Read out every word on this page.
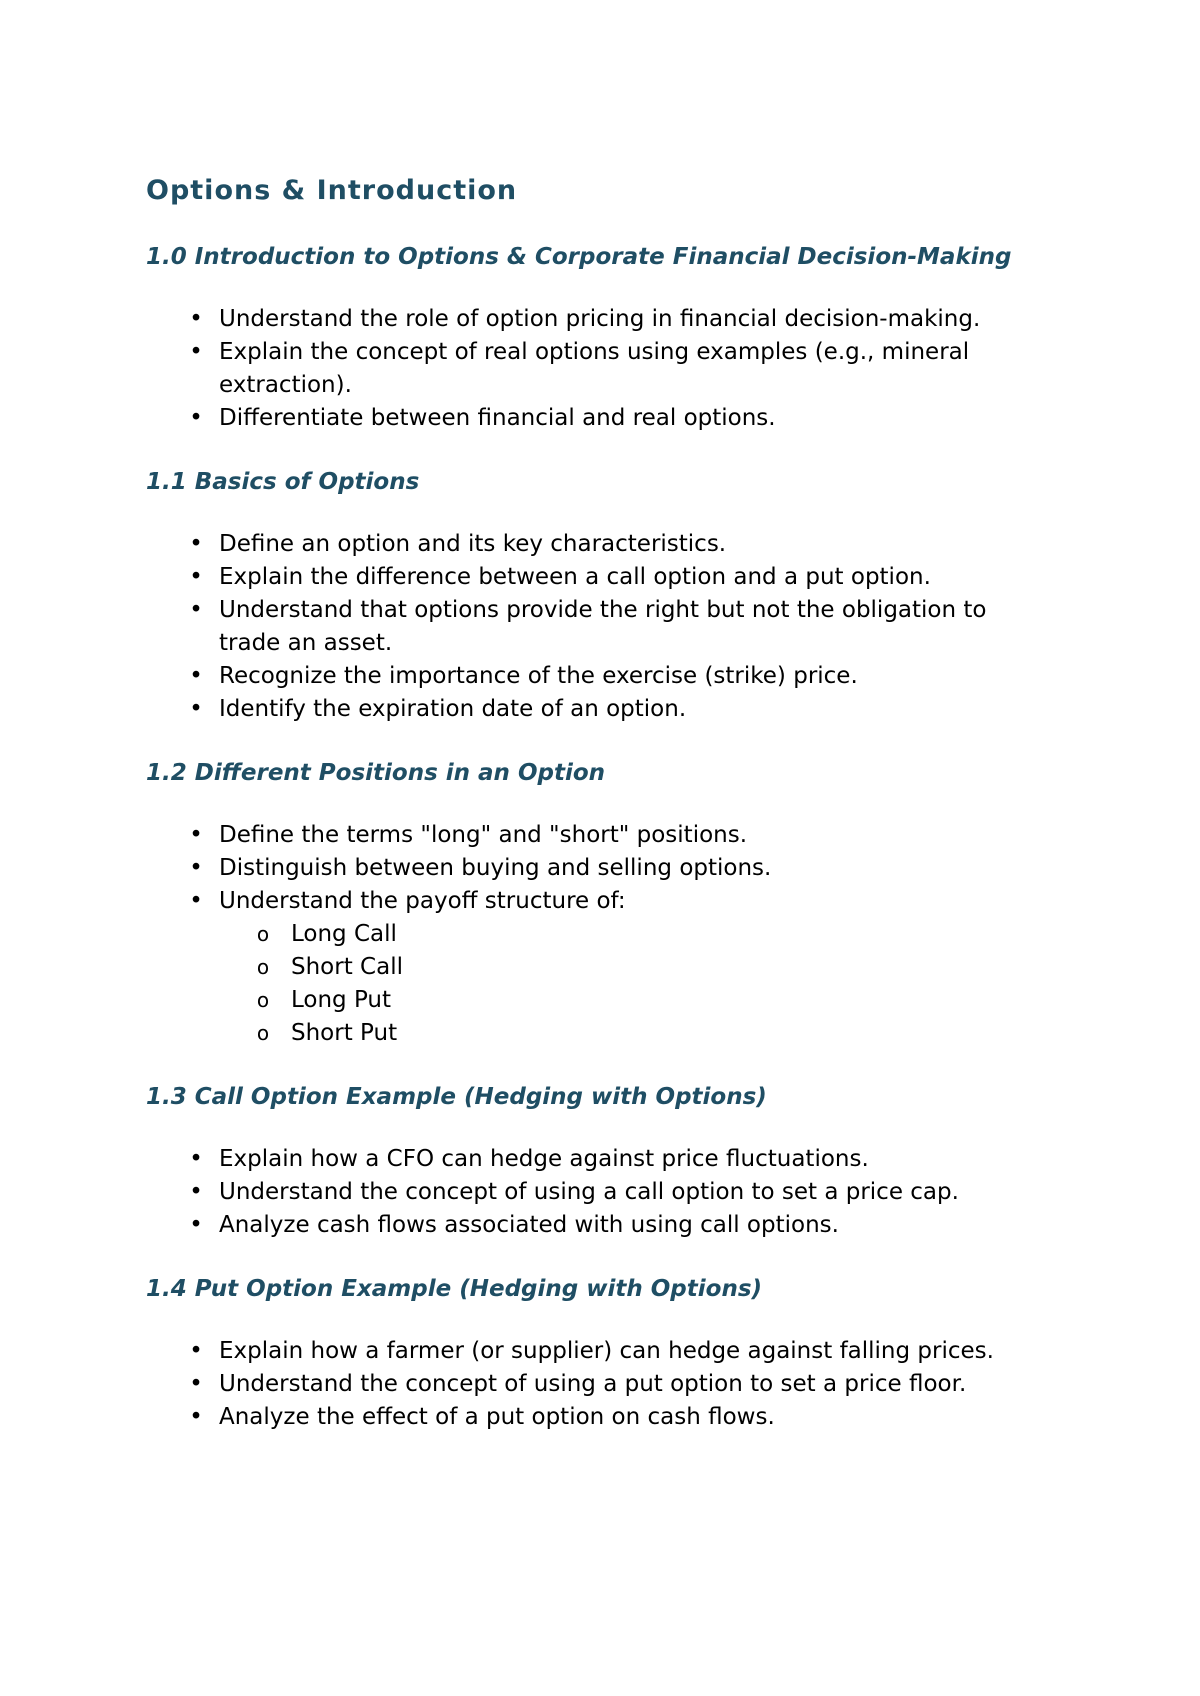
Options & Introduction
1.0 Introduction to Options & Corporate Financial Decision-Making
• Understand the role of option pricing in financial decision-making.
• Explain the concept of real options using examples (e.g., mineral extraction).
• Differentiate between financial and real options.
1.1 Basics of Options
• Define an option and its key characteristics.
• Explain the difference between a call option and a put option.
• Understand that options provide the right but not the obligation to trade an asset.
• Recognize the importance of the exercise (strike) price.
• Identify the expiration date of an option.
1.2 Different Positions in an Option
• Define the terms "long" and "short" positions.
• Distinguish between buying and selling options.
• Understand the payoff structure of:
o Long Call
o Short Call
o Long Put
o Short Put
1.3 Call Option Example (Hedging with Options)
• Explain how a CFO can hedge against price fluctuations.
• Understand the concept of using a call option to set a price cap.
• Analyze cash flows associated with using call options.
1.4 Put Option Example (Hedging with Options)
• Explain how a farmer (or supplier) can hedge against falling prices.
• Understand the concept of using a put option to set a price floor.
• Analyze the effect of a put option on cash flows.
